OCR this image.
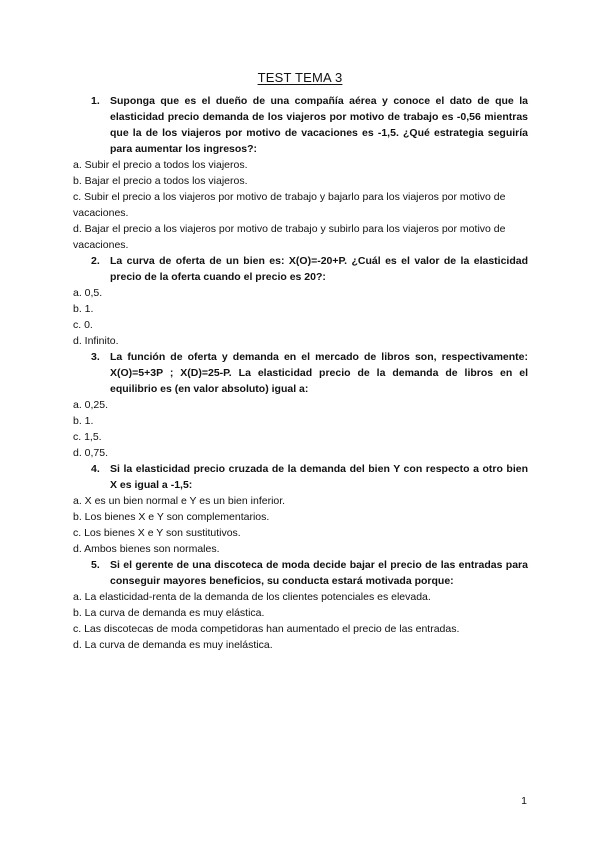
TEST TEMA 3
1. Suponga que es el dueño de una compañía aérea y conoce el dato de que la elasticidad precio demanda de los viajeros por motivo de trabajo es -0,56 mientras que la de los viajeros por motivo de vacaciones es -1,5. ¿Qué estrategia seguiría para aumentar los ingresos?:
a. Subir el precio a todos los viajeros.
b. Bajar el precio a todos los viajeros.
c. Subir el precio a los viajeros por motivo de trabajo y bajarlo para los viajeros por motivo de vacaciones.
d. Bajar el precio a los viajeros por motivo de trabajo y subirlo para los viajeros por motivo de vacaciones.
2. La curva de oferta de un bien es: X(O)=-20+P. ¿Cuál es el valor de la elasticidad precio de la oferta cuando el precio es 20?:
a. 0,5.
b. 1.
c. 0.
d. Infinito.
3. La función de oferta y demanda en el mercado de libros son, respectivamente: X(O)=5+3P ; X(D)=25-P. La elasticidad precio de la demanda de libros en el equilibrio es (en valor absoluto) igual a:
a. 0,25.
b. 1.
c. 1,5.
d. 0,75.
4. Si la elasticidad precio cruzada de la demanda del bien Y con respecto a otro bien X es igual a -1,5:
a. X es un bien normal e Y es un bien inferior.
b. Los bienes X e Y son complementarios.
c. Los bienes X e Y son sustitutivos.
d. Ambos bienes son normales.
5. Si el gerente de una discoteca de moda decide bajar el precio de las entradas para conseguir mayores beneficios, su conducta estará motivada porque:
a. La elasticidad-renta de la demanda de los clientes potenciales es elevada.
b. La curva de demanda es muy elástica.
c. Las discotecas de moda competidoras han aumentado el precio de las entradas.
d. La curva de demanda es muy inelástica.
1
